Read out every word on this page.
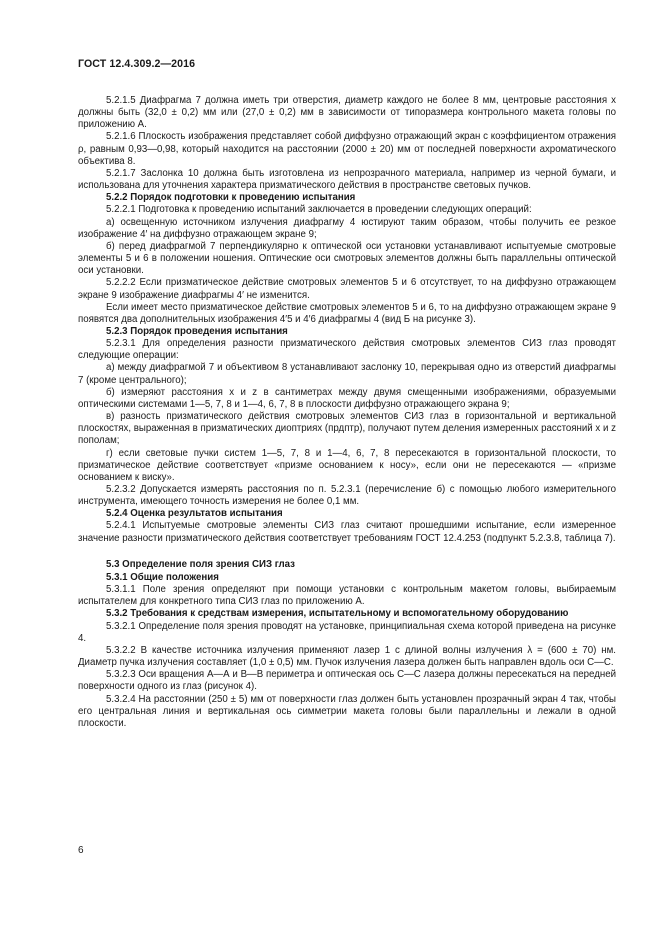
ГОСТ 12.4.309.2—2016

5.2.1.5 Диафрагма 7 должна иметь три отверстия, диаметр каждого не более 8 мм, центровые расстояния x должны быть (32,0 ± 0,2) мм или (27,0 ± 0,2) мм в зависимости от типоразмера контрольного макета головы по приложению А.

5.2.1.6 Плоскость изображения представляет собой диффузно отражающий экран с коэффициентом отражения ρ, равным 0,93—0,98, который находится на расстоянии (2000 ± 20) мм от последней поверхности ахроматического объектива 8.

5.2.1.7 Заслонка 10 должна быть изготовлена из непрозрачного материала, например из черной бумаги, и использована для уточнения характера призматического действия в пространстве световых пучков.

5.2.2 Порядок подготовки к проведению испытания

5.2.2.1 Подготовка к проведению испытаний заключается в проведении следующих операций:

а) освещенную источником излучения диафрагму 4 юстируют таким образом, чтобы получить ее резкое изображение 4′ на диффузно отражающем экране 9;

б) перед диафрагмой 7 перпендикулярно к оптической оси установки устанавливают испытуемые смотровые элементы 5 и 6 в положении ношения. Оптические оси смотровых элементов должны быть параллельны оптической оси установки.

5.2.2.2 Если призматическое действие смотровых элементов 5 и 6 отсутствует, то на диффузно отражающем экране 9 изображение диафрагмы 4′ не изменится.

Если имеет место призматическое действие смотровых элементов 5 и 6, то на диффузно отражающем экране 9 появятся два дополнительных изображения 4′5 и 4′6 диафрагмы 4 (вид Б на рисунке 3).

5.2.3 Порядок проведения испытания

5.2.3.1 Для определения разности призматического действия смотровых элементов СИЗ глаз проводят следующие операции:

а) между диафрагмой 7 и объективом 8 устанавливают заслонку 10, перекрывая одно из отверстий диафрагмы 7 (кроме центрального);

б) измеряют расстояния x и z в сантиметрах между двумя смещенными изображениями, образуемыми оптическими системами 1—5, 7, 8 и 1—4, 6, 7, 8 в плоскости диффузно отражающего экрана 9;

в) разность призматического действия смотровых элементов СИЗ глаз в горизонтальной и вертикальной плоскостях, выраженная в призматических диоптриях (прдптр), получают путем деления измеренных расстояний x и z пополам;

г) если световые пучки систем 1—5, 7, 8 и 1—4, 6, 7, 8 пересекаются в горизонтальной плоскости, то призматическое действие соответствует «призме основанием к носу», если они не пересекаются — «призме основанием к виску».

5.2.3.2 Допускается измерять расстояния по п. 5.2.3.1 (перечисление б) с помощью любого измерительного инструмента, имеющего точность измерения не более 0,1 мм.

5.2.4 Оценка результатов испытания

5.2.4.1 Испытуемые смотровые элементы СИЗ глаз считают прошедшими испытание, если измеренное значение разности призматического действия соответствует требованиям ГОСТ 12.4.253 (подпункт 5.2.3.8, таблица 7).

5.3 Определение поля зрения СИЗ глаз

5.3.1 Общие положения

5.3.1.1 Поле зрения определяют при помощи установки с контрольным макетом головы, выбираемым испытателем для конкретного типа СИЗ глаз по приложению А.

5.3.2 Требования к средствам измерения, испытательному и вспомогательному оборудованию

5.3.2.1 Определение поля зрения проводят на установке, принципиальная схема которой приведена на рисунке 4.

5.3.2.2 В качестве источника излучения применяют лазер 1 с длиной волны излучения λ = (600 ± 70) нм. Диаметр пучка излучения составляет (1,0 ± 0,5) мм. Пучок излучения лазера должен быть направлен вдоль оси С—С.

5.3.2.3 Оси вращения А—А и В—В периметра и оптическая ось С—С лазера должны пересекаться на передней поверхности одного из глаз (рисунок 4).

5.3.2.4 На расстоянии (250 ± 5) мм от поверхности глаз должен быть установлен прозрачный экран 4 так, чтобы его центральная линия и вертикальная ось симметрии макета головы были параллельны и лежали в одной плоскости.

6
